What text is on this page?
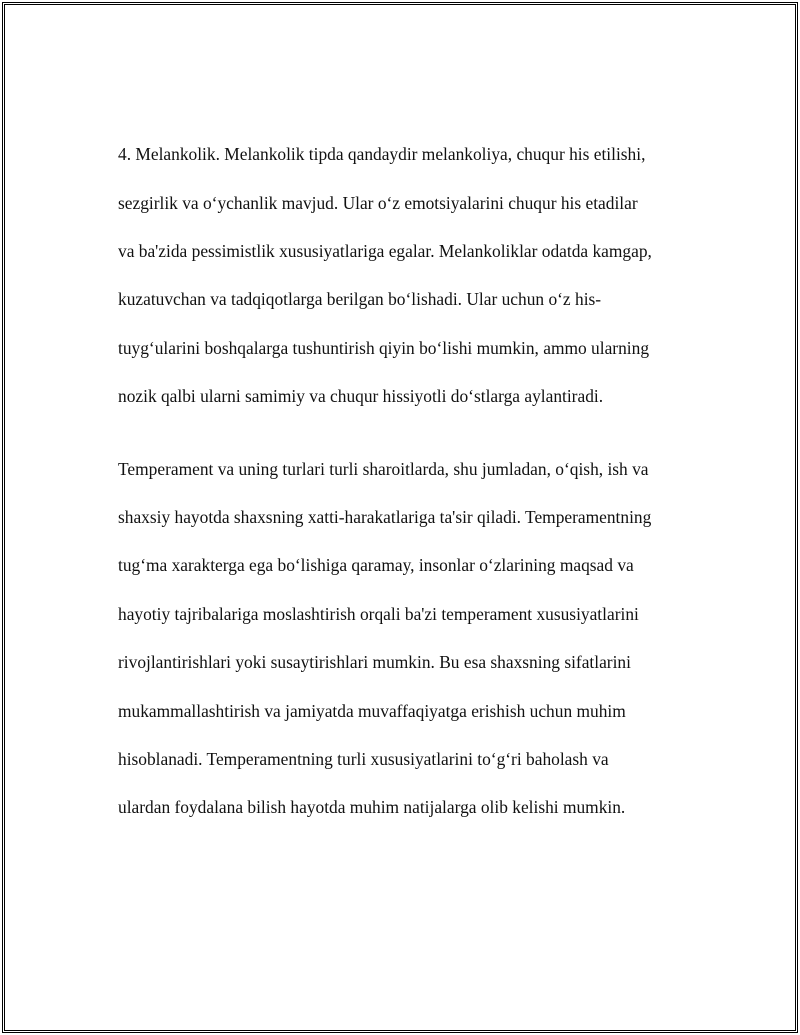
4. Melankolik. Melankolik tipda qandaydir melankoliya, chuqur his etilishi,

sezgirlik va o‘ychanlik mavjud. Ular o‘z emotsiyalarini chuqur his etadilar

va ba'zida pessimistlik xususiyatlariga egalar. Melankoliklar odatda kamgap,

kuzatuvchan va tadqiqotlarga berilgan bo‘lishadi. Ular uchun o‘z his-

tuyg‘ularini boshqalarga tushuntirish qiyin bo‘lishi mumkin, ammo ularning

nozik qalbi ularni samimiy va chuqur hissiyotli do‘stlarga aylantiradi.

Temperament va uning turlari turli sharoitlarda, shu jumladan, o‘qish, ish va

shaxsiy hayotda shaxsning xatti-harakatlariga ta'sir qiladi. Temperamentning

tug‘ma xarakterga ega bo‘lishiga qaramay, insonlar o‘zlarining maqsad va

hayotiy tajribalariga moslashtirish orqali ba'zi temperament xususiyatlarini

rivojlantirishlari yoki susaytirishlari mumkin. Bu esa shaxsning sifatlarini

mukammallashtirish va jamiyatda muvaffaqiyatga erishish uchun muhim

hisoblanadi. Temperamentning turli xususiyatlarini to‘g‘ri baholash va

ulardan foydalana bilish hayotda muhim natijalarga olib kelishi mumkin.
